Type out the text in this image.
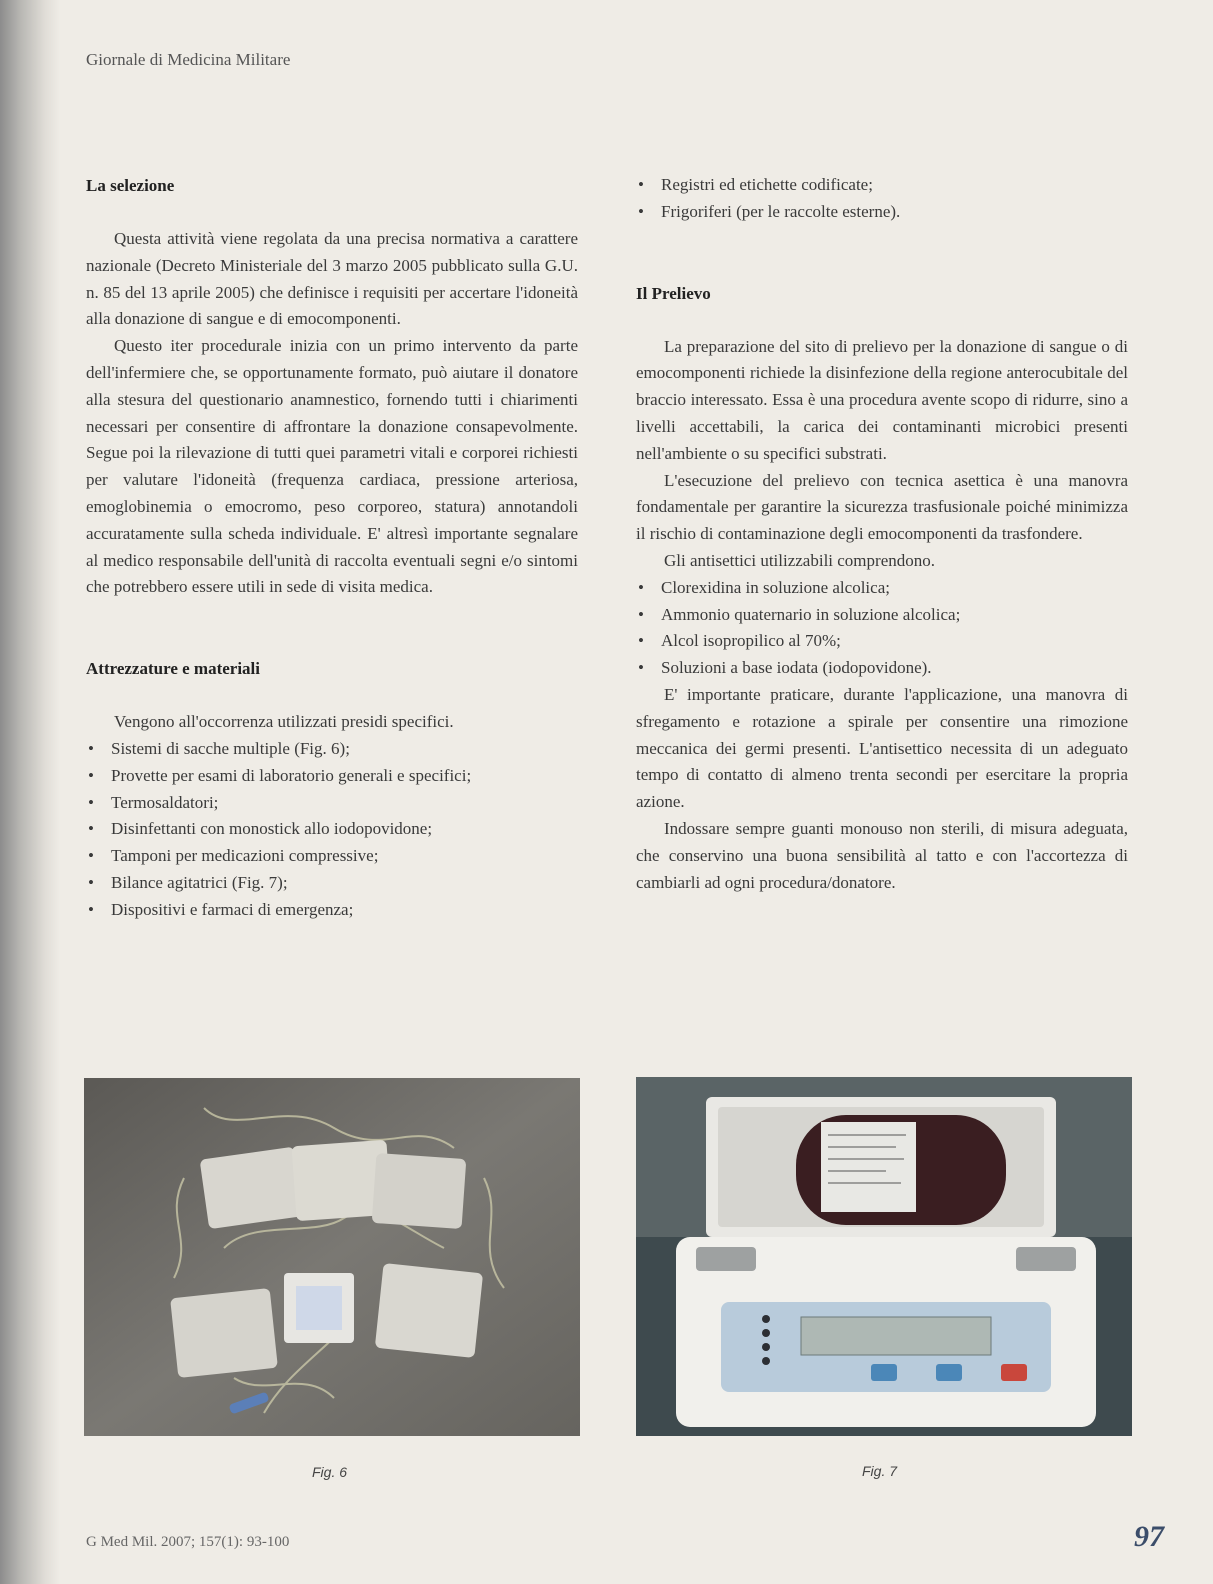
Giornale di Medicina Militare
La selezione

Questa attività viene regolata da una precisa normativa a carattere nazionale (Decreto Ministeriale del 3 marzo 2005 pubblicato sulla G.U. n. 85 del 13 aprile 2005) che definisce i requisiti per accertare l'idoneità alla donazione di sangue e di emocomponenti.

Questo iter procedurale inizia con un primo intervento da parte dell'infermiere che, se opportunamente formato, può aiutare il donatore alla stesura del questionario anamnestico, fornendo tutti i chiarimenti necessari per consentire di affrontare la donazione consapevolmente. Segue poi la rilevazione di tutti quei parametri vitali e corporei richiesti per valutare l'idoneità (frequenza cardiaca, pressione arteriosa, emoglobinemia o emocromo, peso corporeo, statura) annotandoli accuratamente sulla scheda individuale. E' altresì importante segnalare al medico responsabile dell'unità di raccolta eventuali segni e/o sintomi che potrebbero essere utili in sede di visita medica.

Attrezzature e materiali

Vengono all'occorrenza utilizzati presidi specifici.

• Sistemi di sacche multiple (Fig. 6);
• Provette per esami di laboratorio generali e specifici;
• Termosaldatori;
• Disinfettanti con monostick allo iodopovidone;
• Tamponi per medicazioni compressive;
• Bilance agitatrici (Fig. 7);
• Dispositivi e farmaci di emergenza;
• Registri ed etichette codificate;
• Frigoriferi (per le raccolte esterne).
Il Prelievo

La preparazione del sito di prelievo per la donazione di sangue o di emocomponenti richiede la disinfezione della regione anterocubitale del braccio interessato. Essa è una procedura avente scopo di ridurre, sino a livelli accettabili, la carica dei contaminanti microbici presenti nell'ambiente o su specifici substrati.

L'esecuzione del prelievo con tecnica asettica è una manovra fondamentale per garantire la sicurezza trasfusionale poiché minimizza il rischio di contaminazione degli emocomponenti da trasfondere.

Gli antisettici utilizzabili comprendono.

• Clorexidina in soluzione alcolica;
• Ammonio quaternario in soluzione alcolica;
• Alcol isopropilico al 70%;
• Soluzioni a base iodata (iodopovidone).

E' importante praticare, durante l'applicazione, una manovra di sfregamento e rotazione a spirale per consentire una rimozione meccanica dei germi presenti. L'antisettico necessita di un adeguato tempo di contatto di almeno trenta secondi per esercitare la propria azione.

Indossare sempre guanti monouso non sterili, di misura adeguata, che conservino una buona sensibilità al tatto e con l'accortezza di cambiarli ad ogni procedura/donatore.

Fig. 6	Fig. 7
G Med Mil. 2007; 157(1): 93-100	97
